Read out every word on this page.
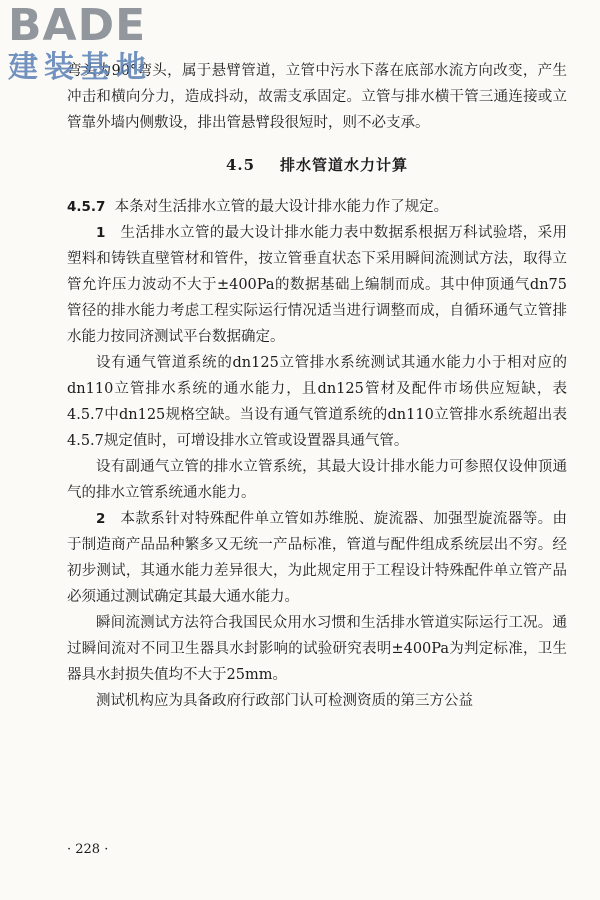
BADE
建装基地

弯头为90°弯头，属于悬臂管道，立管中污水下落在底部水流方向改变，产生冲击和横向分力，造成抖动，故需支承固定。立管与排水横干管三通连接或立管靠外墙内侧敷设，排出管悬臂段很短时，则不必支承。

4.5 排水管道水力计算

4.5.7 本条对生活排水立管的最大设计排水能力作了规定。

1 生活排水立管的最大设计排水能力表中数据系根据万科试验塔，采用塑料和铸铁直壁管材和管件，按立管垂直状态下采用瞬间流测试方法，取得立管允许压力波动不大于±400Pa的数据基础上编制而成。其中伸顶通气dn75管径的排水能力考虑工程实际运行情况适当进行调整而成，自循环通气立管排水能力按同济测试平台数据确定。

设有通气管道系统的dn125立管排水系统测试其通水能力小于相对应的dn110立管排水系统的通水能力，且dn125管材及配件市场供应短缺，表4.5.7中dn125规格空缺。当设有通气管道系统的dn110立管排水系统超出表4.5.7规定值时，可增设排水立管或设置器具通气管。

设有副通气立管的排水立管系统，其最大设计排水能力可参照仅设伸顶通气的排水立管系统通水能力。

2 本款系针对特殊配件单立管如苏维脱、旋流器、加强型旋流器等。由于制造商产品品种繁多又无统一产品标准，管道与配件组成系统层出不穷。经初步测试，其通水能力差异很大，为此规定用于工程设计特殊配件单立管产品必须通过测试确定其最大通水能力。

瞬间流测试方法符合我国民众用水习惯和生活排水管道实际运行工况。通过瞬间流对不同卫生器具水封影响的试验研究表明±400Pa为判定标准，卫生器具水封损失值均不大于25mm。

测试机构应为具备政府行政部门认可检测资质的第三方公益

· 228 ·
